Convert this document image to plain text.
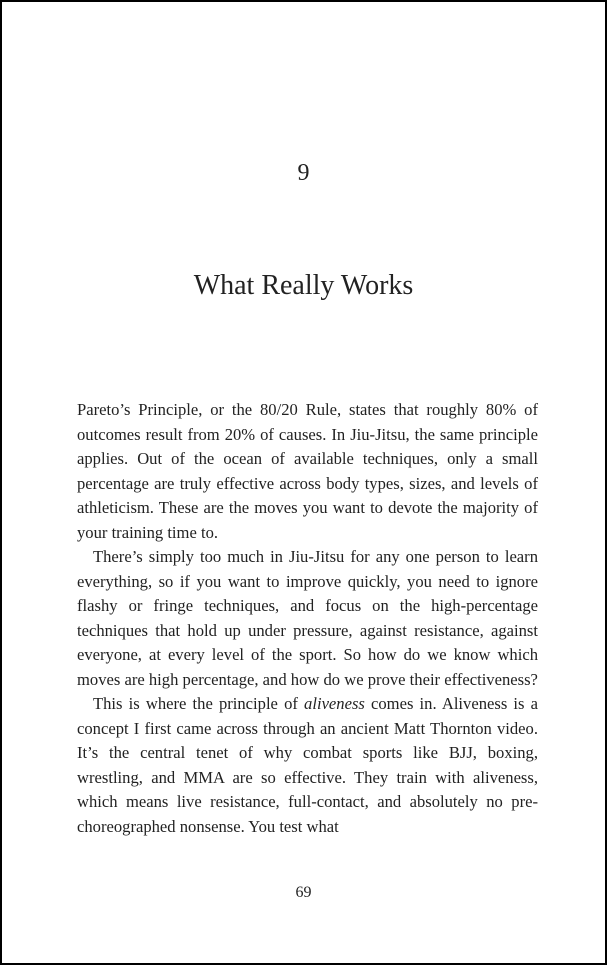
9
What Really Works

Pareto’s Principle, or the 80/20 Rule, states that roughly 80% of outcomes result from 20% of causes. In Jiu-Jitsu, the same principle applies. Out of the ocean of available techniques, only a small percentage are truly effective across body types, sizes, and levels of athleticism. These are the moves you want to devote the majority of your training time to.

There’s simply too much in Jiu-Jitsu for any one person to learn everything, so if you want to improve quickly, you need to ignore flashy or fringe techniques, and focus on the high-percentage techniques that hold up under pressure, against resistance, against everyone, at every level of the sport. So how do we know which moves are high percentage, and how do we prove their effectiveness?

This is where the principle of aliveness comes in. Aliveness is a concept I first came across through an ancient Matt Thornton video. It’s the central tenet of why combat sports like BJJ, boxing, wrestling, and MMA are so effective. They train with aliveness, which means live resistance, full-contact, and absolutely no pre-choreographed nonsense. You test what

69
